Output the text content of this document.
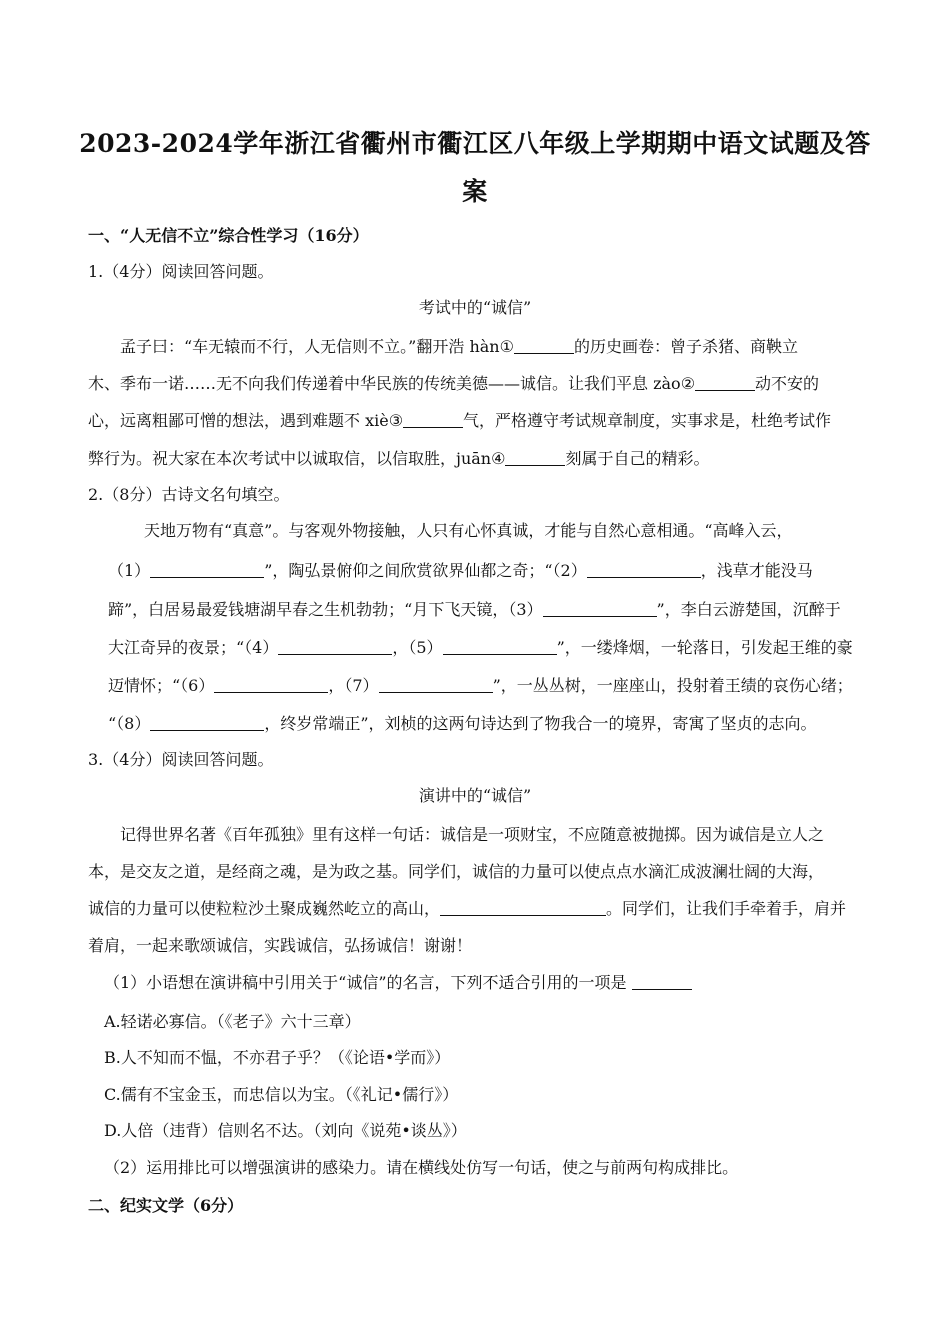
2023-2024学年浙江省衢州市衢江区八年级上学期期中语文试题及答
案
一、“人无信不立”综合性学习（16分）
1.（4分）阅读回答问题。
考试中的“诚信”
孟子曰：“车无辕而不行，人无信则不立。”翻开浩 hàn①	的历史画卷：曾子杀猪、商鞅立
木、季布一诺……无不向我们传递着中华民族的传统美德——诚信。让我们平息 zào②	动不安的
心，远离粗鄙可憎的想法，遇到难题不 xiè③	气，严格遵守考试规章制度，实事求是，杜绝考试作
弊行为。祝大家在本次考试中以诚取信，以信取胜，juān④	刻属于自己的精彩。
2.（8分）古诗文名句填空。
天地万物有“真意”。与客观外物接触，人只有心怀真诚，才能与自然心意相通。“高峰入云，
（1）	”，陶弘景俯仰之间欣赏欲界仙都之奇；“（2）	，浅草才能没马
蹄”，白居易最爱钱塘湖早春之生机勃勃；“月下飞天镜，（3）	”，李白云游楚国，沉醉于
大江奇异的夜景；“（4）	，（5）	”，一缕烽烟，一轮落日，引发起王维的豪
迈情怀；“（6）	，（7）	”，一丛丛树，一座座山，投射着王绩的哀伤心绪；
“（8）	，终岁常端正”，刘桢的这两句诗达到了物我合一的境界，寄寓了坚贞的志向。
3.（4分）阅读回答问题。
演讲中的“诚信”
记得世界名著《百年孤独》里有这样一句话：诚信是一项财宝，不应随意被抛掷。因为诚信是立人之
本，是交友之道，是经商之魂，是为政之基。同学们，诚信的力量可以使点点水滴汇成波澜壮阔的大海，
诚信的力量可以使粒粒沙土聚成巍然屹立的高山，	。同学们，让我们手牵着手，肩并
着肩，一起来歌颂诚信，实践诚信，弘扬诚信！谢谢！
（1）小语想在演讲稿中引用关于“诚信”的名言，下列不适合引用的一项是
A.轻诺必寡信。（《老子》六十三章）
B.人不知而不愠，不亦君子乎？（《论语•学而》）
C.儒有不宝金玉，而忠信以为宝。（《礼记•儒行》）
D.人倍（违背）信则名不达。（刘向《说苑•谈丛》）
（2）运用排比可以增强演讲的感染力。请在横线处仿写一句话，使之与前两句构成排比。
二、纪实文学（6分）
